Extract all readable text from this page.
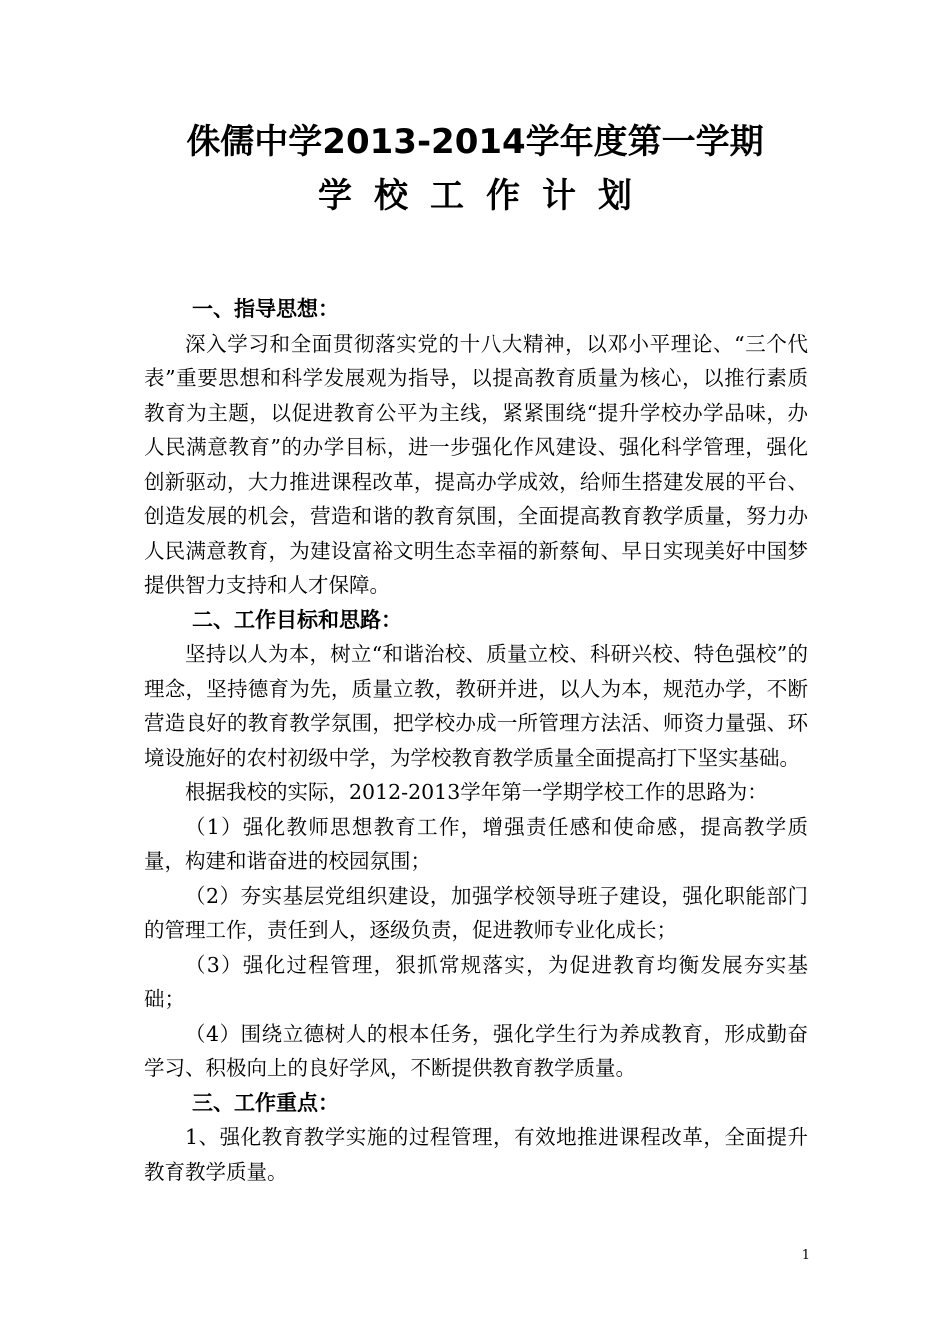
侏儒中学2013-2014学年度第一学期
学校工作计划
一、指导思想：

深入学习和全面贯彻落实党的十八大精神，以邓小平理论、“三个代表”重要思想和科学发展观为指导，以提高教育质量为核心，以推行素质教育为主题，以促进教育公平为主线，紧紧围绕“提升学校办学品味，办人民满意教育”的办学目标，进一步强化作风建设、强化科学管理，强化创新驱动，大力推进课程改革，提高办学成效，给师生搭建发展的平台、创造发展的机会，营造和谐的教育氛围，全面提高教育教学质量，努力办人民满意教育，为建设富裕文明生态幸福的新蔡甸、早日实现美好中国梦提供智力支持和人才保障。

二、工作目标和思路：

坚持以人为本，树立“和谐治校、质量立校、科研兴校、特色强校”的理念，坚持德育为先，质量立教，教研并进，以人为本，规范办学，不断营造良好的教育教学氛围，把学校办成一所管理方法活、师资力量强、环境设施好的农村初级中学，为学校教育教学质量全面提高打下坚实基础。

根据我校的实际，2012-2013学年第一学期学校工作的思路为：

（1）强化教师思想教育工作，增强责任感和使命感，提高教学质量，构建和谐奋进的校园氛围；

（2）夯实基层党组织建设，加强学校领导班子建设，强化职能部门的管理工作，责任到人，逐级负责，促进教师专业化成长；

（3）强化过程管理，狠抓常规落实，为促进教育均衡发展夯实基础；

（4）围绕立德树人的根本任务，强化学生行为养成教育，形成勤奋学习、积极向上的良好学风，不断提供教育教学质量。

三、工作重点：

1、强化教育教学实施的过程管理，有效地推进课程改革，全面提升教育教学质量。

1
